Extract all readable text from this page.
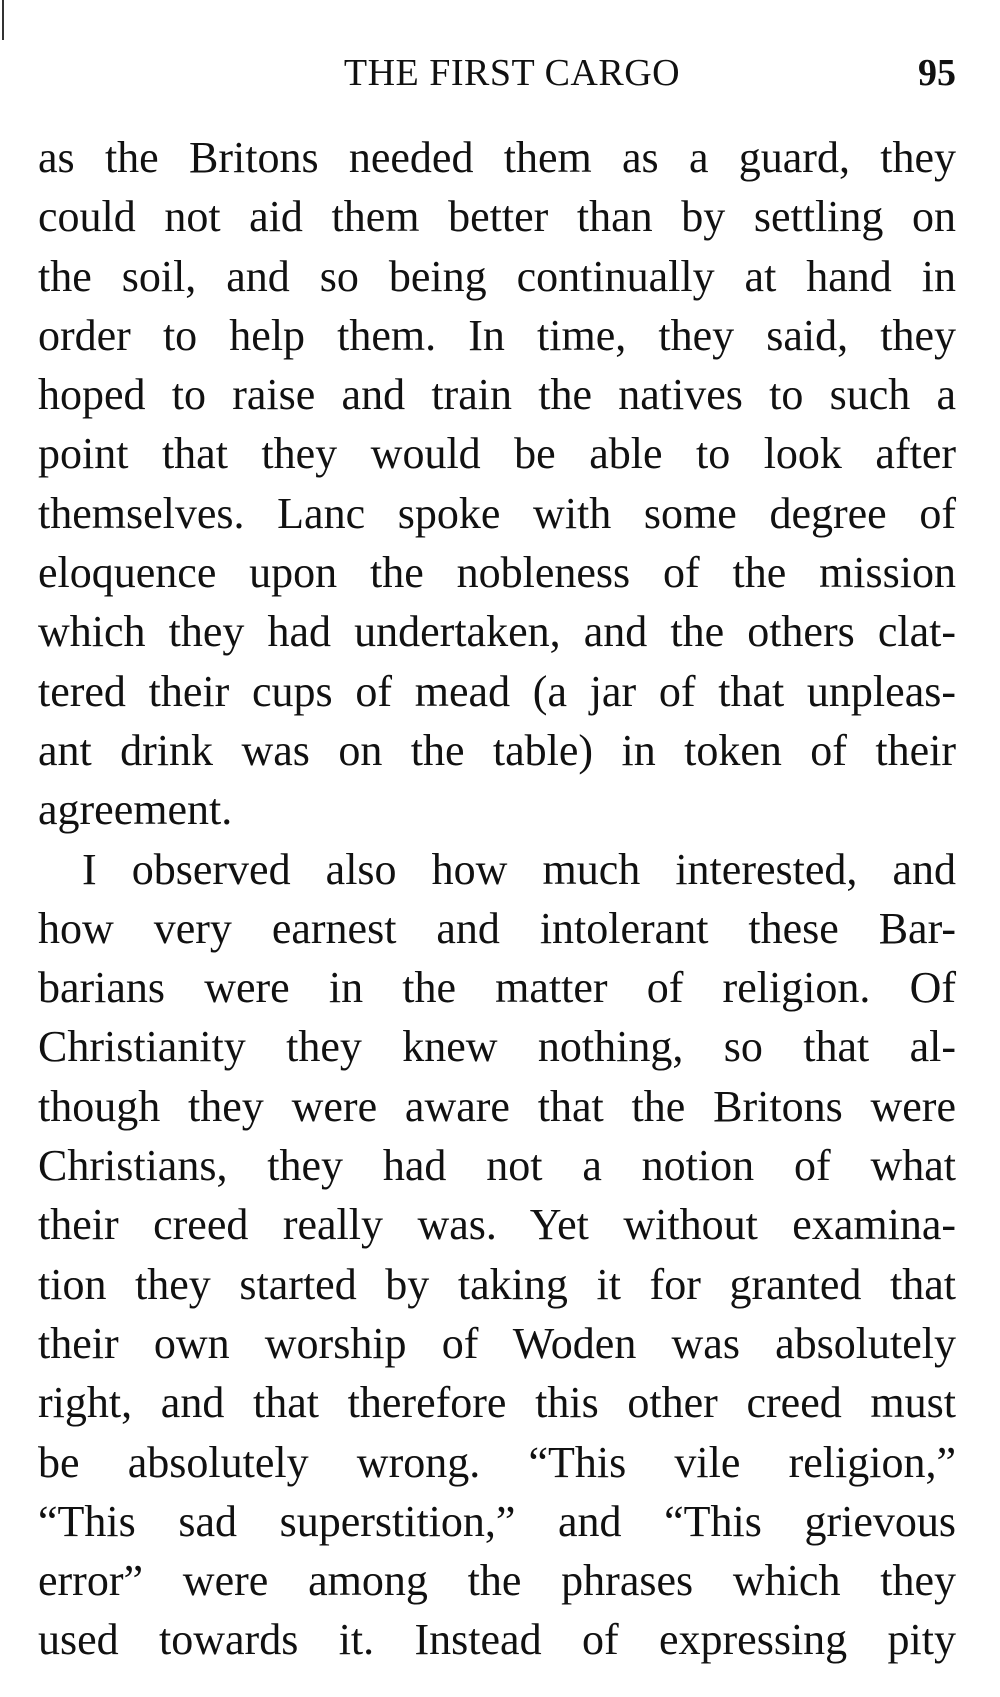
THE FIRST CARGO	95
as the Britons needed them as a guard, they
could not aid them better than by settling on
the soil, and so being continually at hand in
order to help them. In time, they said, they
hoped to raise and train the natives to such a
point that they would be able to look after
themselves. Lanc spoke with some degree of
eloquence upon the nobleness of the mission
which they had undertaken, and the others clat-
tered their cups of mead (a jar of that unpleas-
ant drink was on the table) in token of their
agreement.
I observed also how much interested, and
how very earnest and intolerant these Bar-
barians were in the matter of religion. Of
Christianity they knew nothing, so that al-
though they were aware that the Britons were
Christians, they had not a notion of what
their creed really was. Yet without examina-
tion they started by taking it for granted that
their own worship of Woden was absolutely
right, and that therefore this other creed must
be absolutely wrong. “This vile religion,”
“This sad superstition,” and “This grievous
error” were among the phrases which they
used towards it. Instead of expressing pity
